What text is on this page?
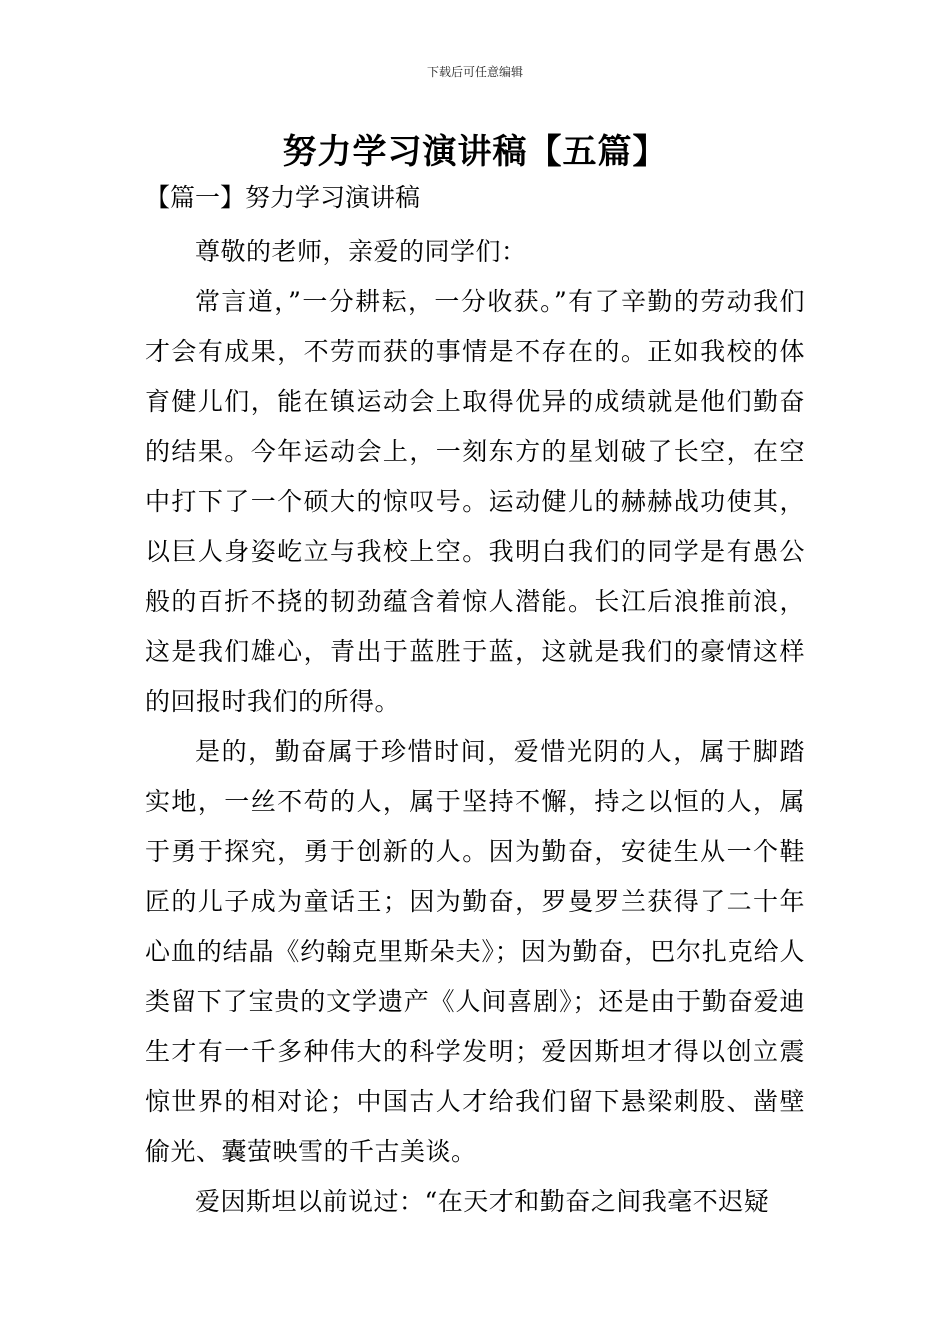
下载后可任意编辑
努力学习演讲稿【五篇】
【篇一】努力学习演讲稿

尊敬的老师，亲爱的同学们：

常言道，”一分耕耘，一分收获。”有了辛勤的劳动我们才会有成果，不劳而获的事情是不存在的。正如我校的体育健儿们，能在镇运动会上取得优异的成绩就是他们勤奋的结果。今年运动会上，一刻东方的星划破了长空，在空中打下了一个硕大的惊叹号。运动健儿的赫赫战功使其，以巨人身姿屹立与我校上空。我明白我们的同学是有愚公般的百折不挠的韧劲蕴含着惊人潜能。长江后浪推前浪，这是我们雄心，青出于蓝胜于蓝，这就是我们的豪情这样的回报时我们的所得。

是的，勤奋属于珍惜时间，爱惜光阴的人，属于脚踏实地，一丝不苟的人，属于坚持不懈，持之以恒的人，属于勇于探究，勇于创新的人。因为勤奋，安徒生从一个鞋匠的儿子成为童话王；因为勤奋，罗曼罗兰获得了二十年心血的结晶《约翰克里斯朵夫》；因为勤奋，巴尔扎克给人类留下了宝贵的文学遗产《人间喜剧》；还是由于勤奋爱迪生才有一千多种伟大的科学发明；爱因斯坦才得以创立震惊世界的相对论；中国古人才给我们留下悬梁刺股、凿壁偷光、囊萤映雪的千古美谈。

爱因斯坦以前说过：“在天才和勤奋之间我毫不迟疑
